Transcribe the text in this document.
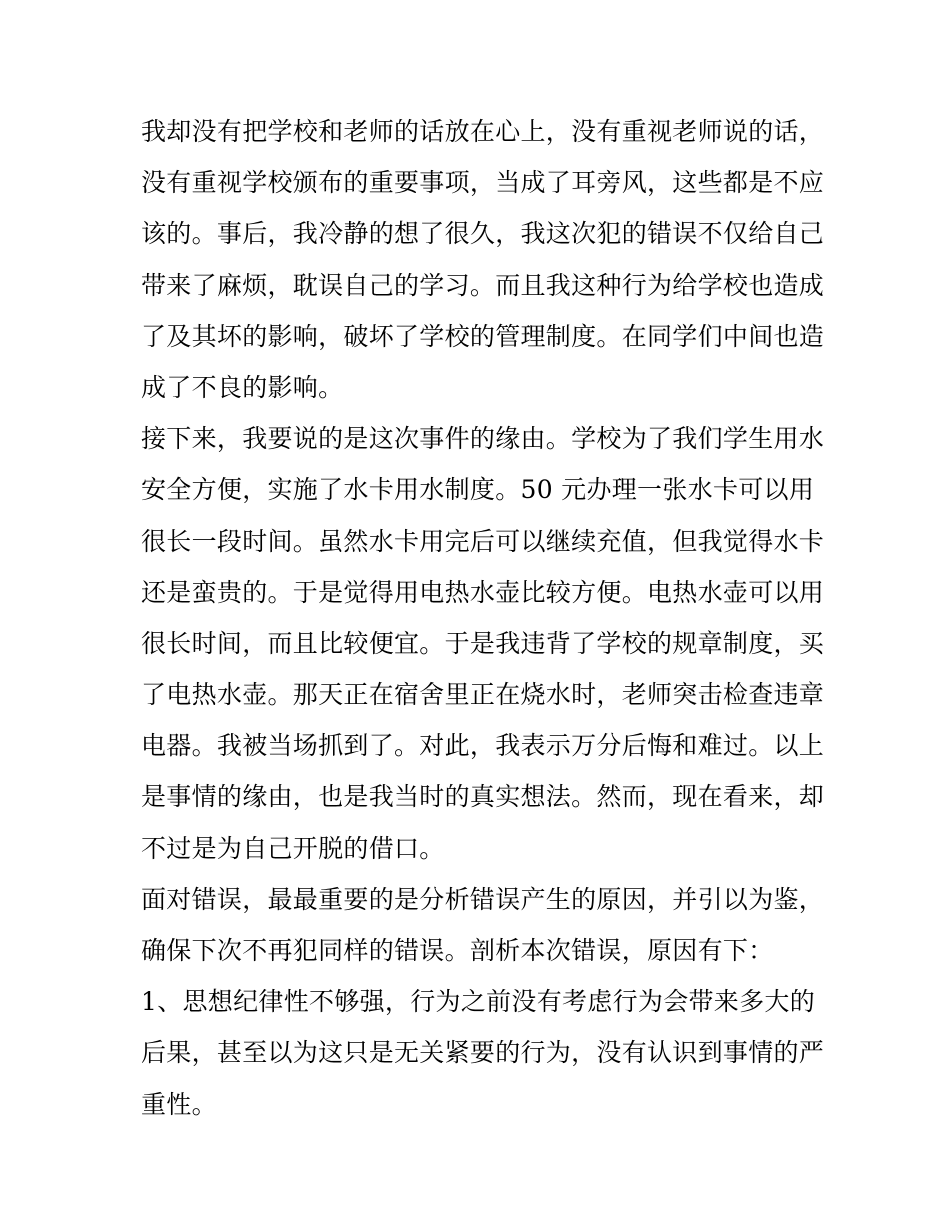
我却没有把学校和老师的话放在心上，没有重视老师说的话，
没有重视学校颁布的重要事项，当成了耳旁风，这些都是不应
该的。事后，我冷静的想了很久，我这次犯的错误不仅给自己
带来了麻烦，耽误自己的学习。而且我这种行为给学校也造成
了及其坏的影响，破坏了学校的管理制度。在同学们中间也造
成了不良的影响。
接下来，我要说的是这次事件的缘由。学校为了我们学生用水
安全方便，实施了水卡用水制度。50 元办理一张水卡可以用
很长一段时间。虽然水卡用完后可以继续充值，但我觉得水卡
还是蛮贵的。于是觉得用电热水壶比较方便。电热水壶可以用
很长时间，而且比较便宜。于是我违背了学校的规章制度，买
了电热水壶。那天正在宿舍里正在烧水时，老师突击检查违章
电器。我被当场抓到了。对此，我表示万分后悔和难过。以上
是事情的缘由，也是我当时的真实想法。然而，现在看来，却
不过是为自己开脱的借口。
面对错误，最最重要的是分析错误产生的原因，并引以为鉴，
确保下次不再犯同样的错误。剖析本次错误，原因有下：
1、思想纪律性不够强，行为之前没有考虑行为会带来多大的
后果，甚至以为这只是无关紧要的行为，没有认识到事情的严
重性。
